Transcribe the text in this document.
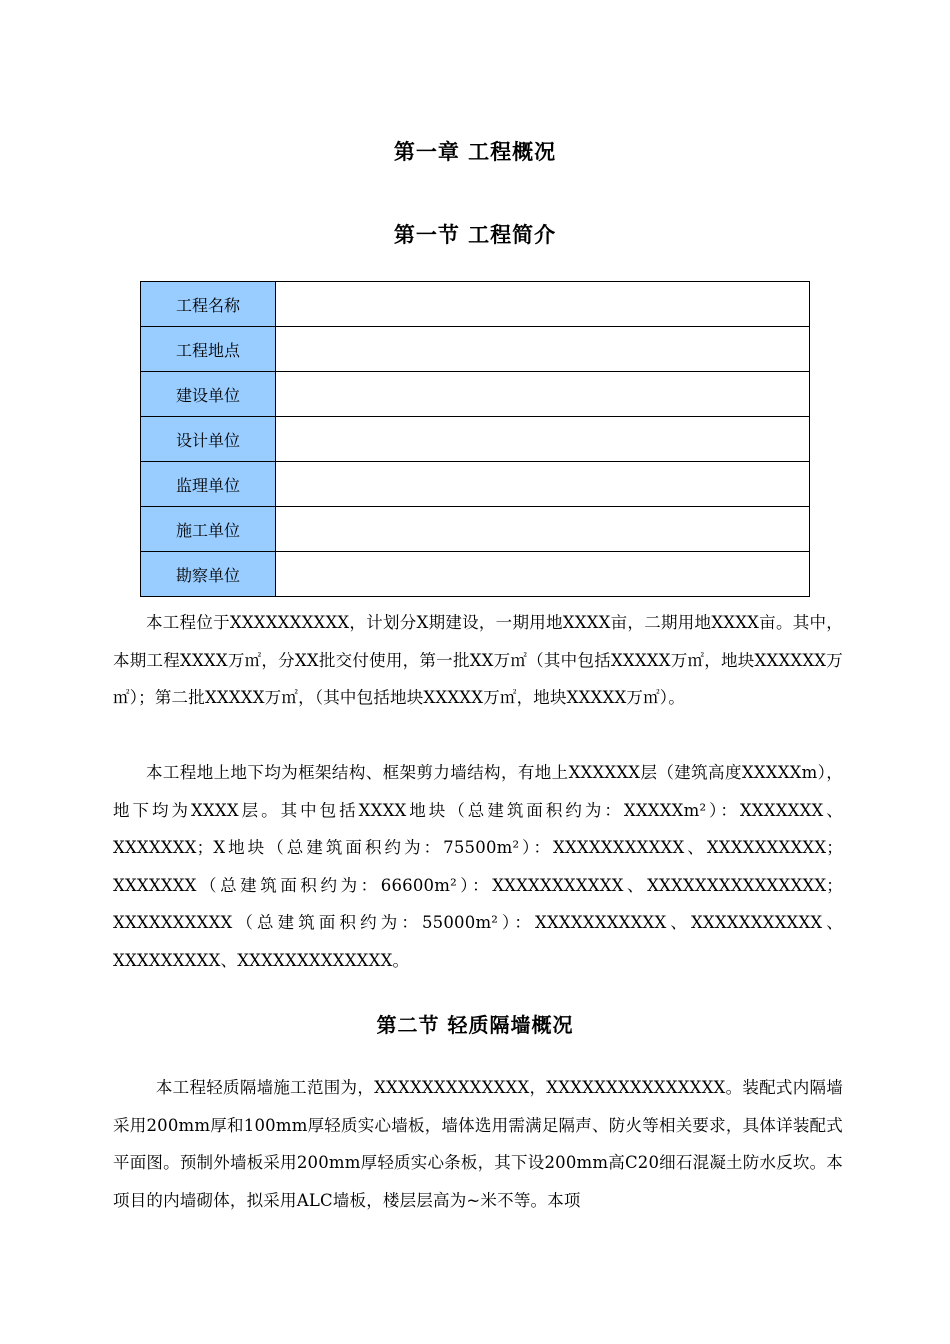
第一章 工程概况
第一节 工程简介
工程名称	
工程地点	
建设单位	
设计单位	
监理单位	
施工单位	
勘察单位	
本工程位于XXXXXXXXXX，计划分X期建设，一期用地XXXX亩，二期用地XXXX亩。其中，本期工程XXXX万㎡，分XX批交付使用，第一批XX万㎡（其中包括XXXXX万㎡，地块XXXXXX万㎡）；第二批XXXXX万㎡，（其中包括地块XXXXX万㎡，地块XXXXX万㎡）。
本工程地上地下均为框架结构、框架剪力墙结构，有地上XXXXXX层（建筑高度XXXXXm），地下均为XXXX层。其中包括XXXX地块（总建筑面积约为：XXXXXm²）：XXXXXXX、XXXXXXX；X地块（总建筑面积约为：75500m²）：XXXXXXXXXXX、XXXXXXXXXX；XXXXXXX（总建筑面积约为：66600m²）：XXXXXXXXXXX、XXXXXXXXXXXXXXX；XXXXXXXXXX（总建筑面积约为：55000m²）：XXXXXXXXXXX、XXXXXXXXXXX、XXXXXXXXX、XXXXXXXXXXXXX。
第二节 轻质隔墙概况
本工程轻质隔墙施工范围为，XXXXXXXXXXXXX，XXXXXXXXXXXXXXX。装配式内隔墙采用200mm厚和100mm厚轻质实心墙板，墙体选用需满足隔声、防火等相关要求，具体详装配式平面图。预制外墙板采用200mm厚轻质实心条板，其下设200mm高C20细石混凝土防水反坎。本项目的内墙砌体，拟采用ALC墙板，楼层层高为~米不等。本项
